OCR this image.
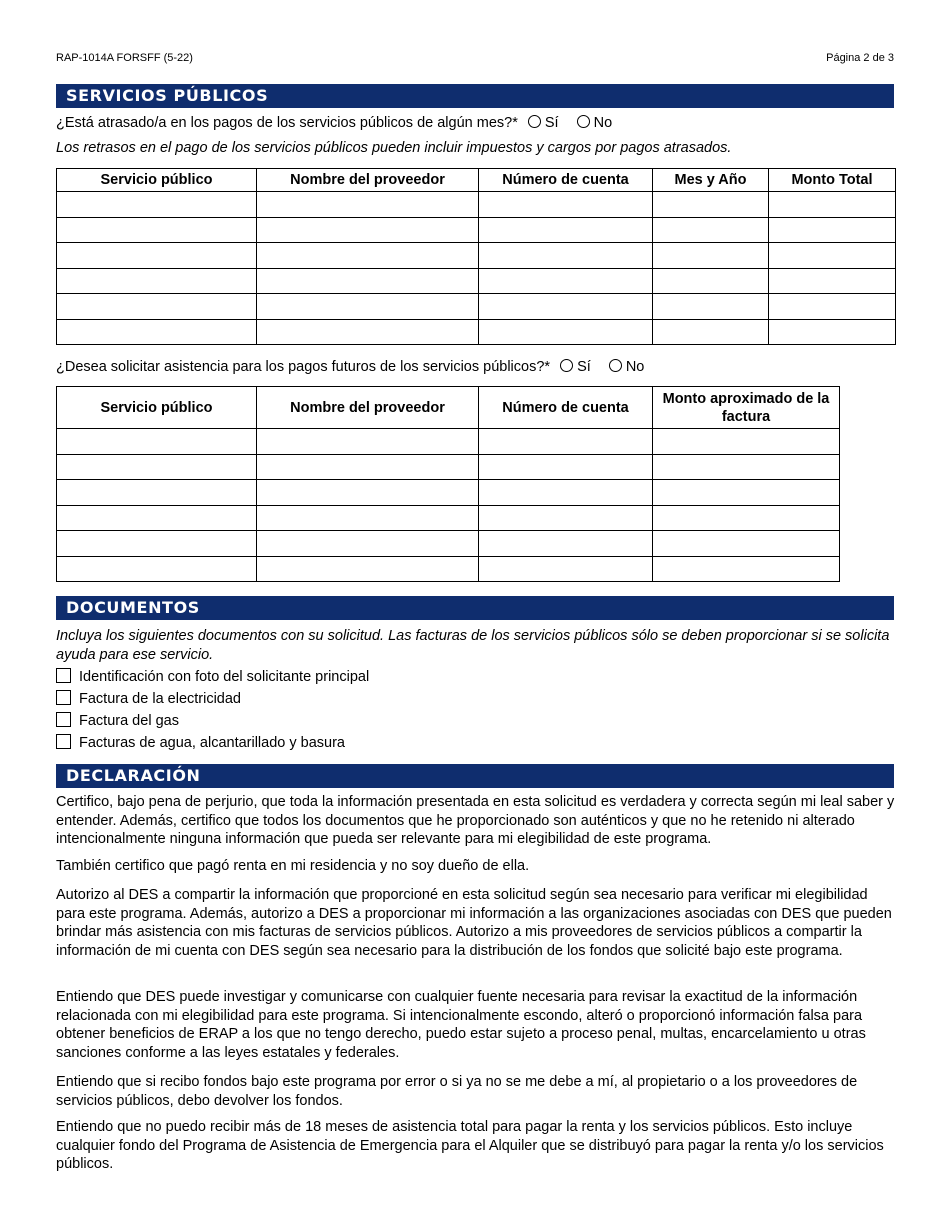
RAP-1014A FORSFF (5-22)	Página 2 de 3
SERVICIOS PÚBLICOS
¿Está atrasado/a en los pagos de los servicios públicos de algún mes?* Sí No
Los retrasos en el pago de los servicios públicos pueden incluir impuestos y cargos por pagos atrasados.
Servicio público	Nombre del proveedor	Número de cuenta	Mes y Año	Monto Total

¿Desea solicitar asistencia para los pagos futuros de los servicios públicos?* Sí No
Servicio público	Nombre del proveedor	Número de cuenta	Monto aproximado de la factura

DOCUMENTOS
Incluya los siguientes documentos con su solicitud. Las facturas de los servicios públicos sólo se deben proporcionar si se solicita ayuda para ese servicio.
Identificación con foto del solicitante principal
Factura de la electricidad
Factura del gas
Facturas de agua, alcantarillado y basura
DECLARACIÓN
Certifico, bajo pena de perjurio, que toda la información presentada en esta solicitud es verdadera y correcta según mi leal saber y entender. Además, certifico que todos los documentos que he proporcionado son auténticos y que no he retenido ni alterado intencionalmente ninguna información que pueda ser relevante para mi elegibilidad de este programa.
También certifico que pagó renta en mi residencia y no soy dueño de ella.
Autorizo al DES a compartir la información que proporcioné en esta solicitud según sea necesario para verificar mi elegibilidad para este programa. Además, autorizo a DES a proporcionar mi información a las organizaciones asociadas con DES que pueden brindar más asistencia con mis facturas de servicios públicos. Autorizo a mis proveedores de servicios públicos a compartir la información de mi cuenta con DES según sea necesario para la distribución de los fondos que solicité bajo este programa.
Entiendo que DES puede investigar y comunicarse con cualquier fuente necesaria para revisar la exactitud de la información relacionada con mi elegibilidad para este programa. Si intencionalmente escondo, alteró o proporcionó información falsa para obtener beneficios de ERAP a los que no tengo derecho, puedo estar sujeto a proceso penal, multas, encarcelamiento u otras sanciones conforme a las leyes estatales y federales.
Entiendo que si recibo fondos bajo este programa por error o si ya no se me debe a mí, al propietario o a los proveedores de servicios públicos, debo devolver los fondos.
Entiendo que no puedo recibir más de 18 meses de asistencia total para pagar la renta y los servicios públicos. Esto incluye cualquier fondo del Programa de Asistencia de Emergencia para el Alquiler que se distribuyó para pagar la renta y/o los servicios públicos.
